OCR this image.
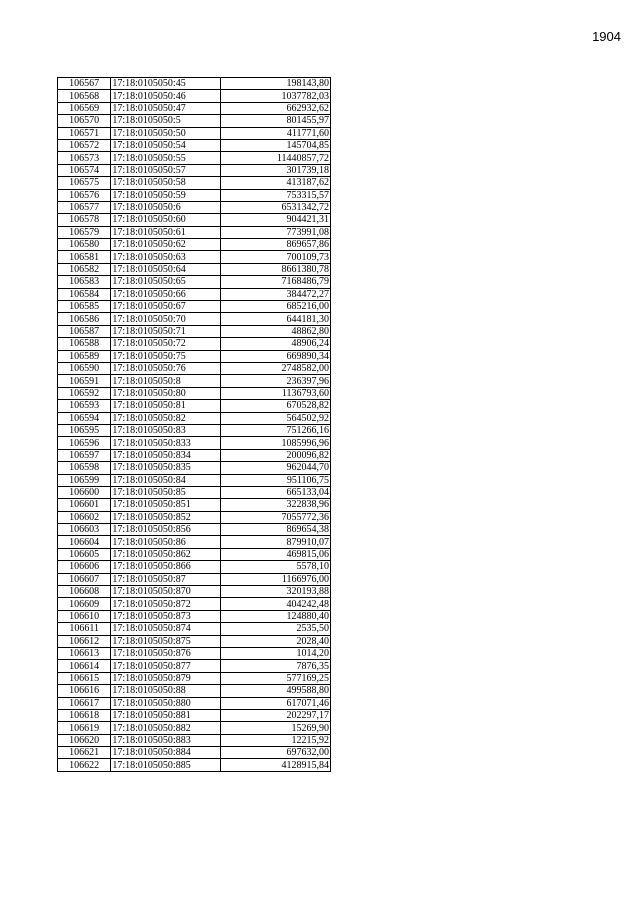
1904
106567	17:18:0105050:45	198143,80
106568	17:18:0105050:46	1037782,03
106569	17:18:0105050:47	662932,62
106570	17:18:0105050:5	801455,97
106571	17:18:0105050:50	411771,60
106572	17:18:0105050:54	145704,85
106573	17:18:0105050:55	11440857,72
106574	17:18:0105050:57	301739,18
106575	17:18:0105050:58	413187,62
106576	17:18:0105050:59	753315,57
106577	17:18:0105050:6	6531342,72
106578	17:18:0105050:60	904421,31
106579	17:18:0105050:61	773991,08
106580	17:18:0105050:62	869657,86
106581	17:18:0105050:63	700109,73
106582	17:18:0105050:64	8661380,78
106583	17:18:0105050:65	7168486,79
106584	17:18:0105050:66	384472,27
106585	17:18:0105050:67	685216,00
106586	17:18:0105050:70	644181,30
106587	17:18:0105050:71	48862,80
106588	17:18:0105050:72	48906,24
106589	17:18:0105050:75	669890,34
106590	17:18:0105050:76	2748582,00
106591	17:18:0105050:8	236397,96
106592	17:18:0105050:80	1136793,60
106593	17:18:0105050:81	670528,82
106594	17:18:0105050:82	564502,92
106595	17:18:0105050:83	751266,16
106596	17:18:0105050:833	1085996,96
106597	17:18:0105050:834	200096,82
106598	17:18:0105050:835	962044,70
106599	17:18:0105050:84	951106,75
106600	17:18:0105050:85	665133,04
106601	17:18:0105050:851	322838,96
106602	17:18:0105050:852	7055772,36
106603	17:18:0105050:856	869654,38
106604	17:18:0105050:86	879910,07
106605	17:18:0105050:862	469815,06
106606	17:18:0105050:866	5578,10
106607	17:18:0105050:87	1166976,00
106608	17:18:0105050:870	320193,88
106609	17:18:0105050:872	404242,48
106610	17:18:0105050:873	124880,40
106611	17:18:0105050:874	2535,50
106612	17:18:0105050:875	2028,40
106613	17:18:0105050:876	1014,20
106614	17:18:0105050:877	7876,35
106615	17:18:0105050:879	577169,25
106616	17:18:0105050:88	499588,80
106617	17:18:0105050:880	617071,46
106618	17:18:0105050:881	202297,17
106619	17:18:0105050:882	15269,90
106620	17:18:0105050:883	12215,92
106621	17:18:0105050:884	697632,00
106622	17:18:0105050:885	4128915,84
